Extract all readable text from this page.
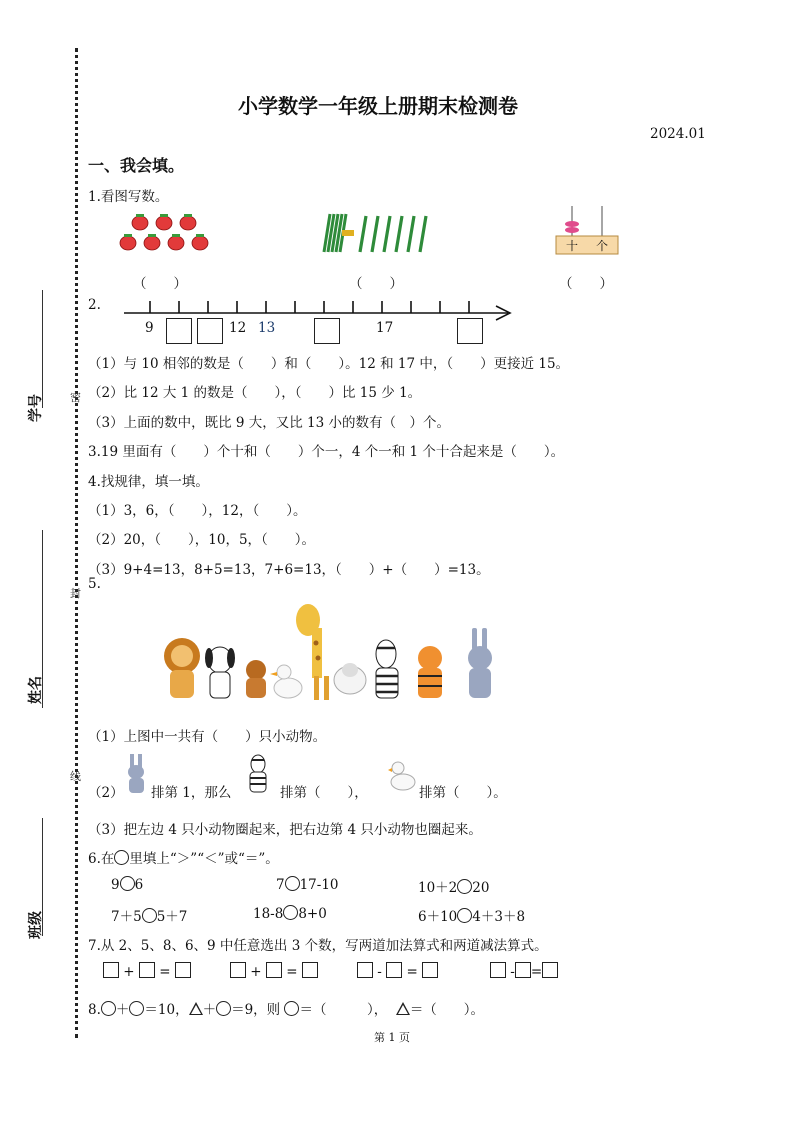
学号
姓名
班级
密
封
线
小学数学一年级上册期末检测卷
2024.01
一、我会填。
1.看图写数。
十 个
（　　）	（　　）	（　　）
2.
9	12 13	17
（1）与 10 相邻的数是（　　）和（　　）。12 和 17 中，（　　）更接近 15。
（2）比 12 大 1 的数是（　　），（　　）比 15 少 1。
（3）上面的数中，既比 9 大，又比 13 小的数有（　）个。
3.19 里面有（　　）个十和（　　）个一，4 个一和 1 个十合起来是（　　）。
4.找规律，填一填。
（1）3，6，（　　），12，（　　）。
（2）20，（　　），10，5，（　　）。
（3）9+4=13，8+5=13，7+6=13，（　　）+（　　）=13。
5.
（1）上图中一共有（　　）只小动物。
（2） 排第 1，那么	排第（　　），	排第（　　）。
（3）把左边 4 只小动物圈起来，把右边第 4 只小动物也圈起来。
6.在 里填上“＞”“＜”或“＝”。
9 6	7 17-10	10＋2 20
7＋5 5＋7	18-8 8+0	6＋10 4＋3＋8
7.从 2、5、8、6、9 中任意选出 3 个数，写两道加法算式和两道减法算式。
+ =	+ =	- =	- =
8. ＋ ＝10， ＋ ＝9，则 ＝（　　　）， ＝（　　）。
第 1 页
